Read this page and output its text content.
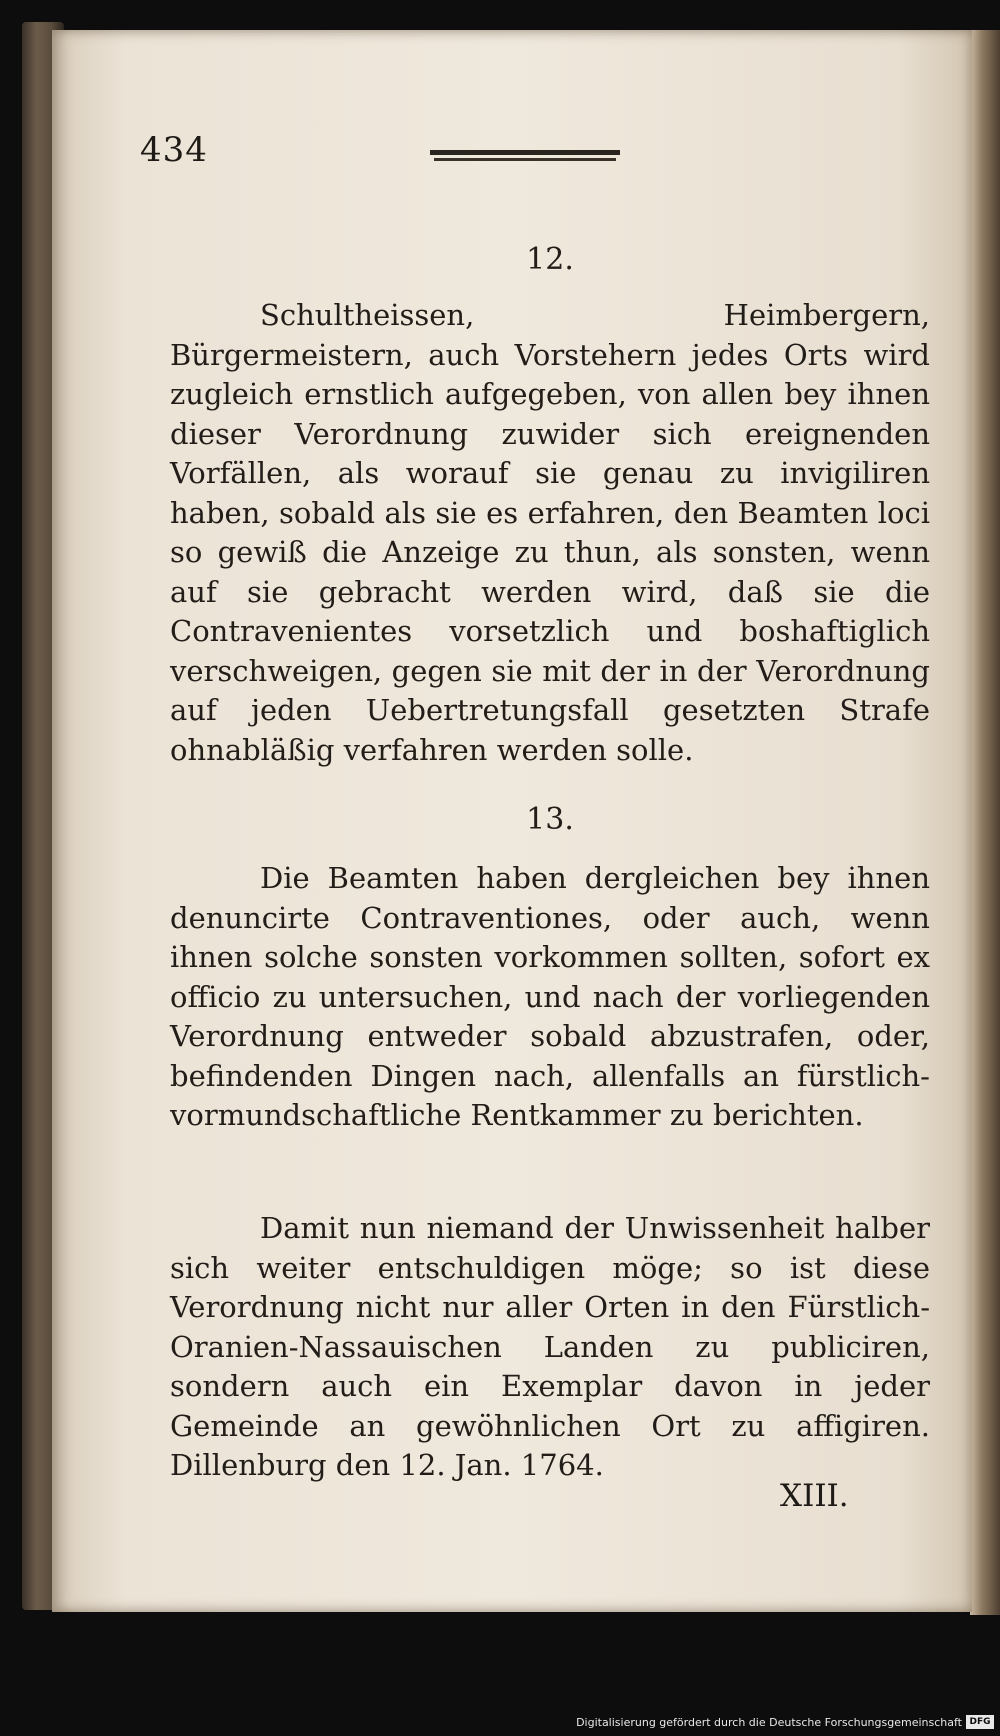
434
12.
Schultheissen, Heimbergern, Bürgermeistern, auch Vorstehern jedes Orts wird zugleich ernstlich aufgegeben, von allen bey ihnen dieser Verordnung zuwider sich ereignenden Vorfällen, als worauf sie genau zu invigiliren haben, sobald als sie es erfahren, den Beamten loci so gewiß die Anzeige zu thun, als sonsten, wenn auf sie gebracht werden wird, daß sie die Contravenientes vorsetzlich und boshaftiglich verschweigen, gegen sie mit der in der Verordnung auf jeden Uebertretungsfall gesetzten Strafe ohnabläßig verfahren werden solle.
13.
Die Beamten haben dergleichen bey ihnen denuncirte Contraventiones, oder auch, wenn ihnen solche sonsten vorkommen sollten, sofort ex officio zu untersuchen, und nach der vorliegenden Verordnung entweder sobald abzustrafen, oder, befindenden Dingen nach, allenfalls an fürstlich-vormundschaftliche Rentkammer zu berichten.
Damit nun niemand der Unwissenheit halber sich weiter entschuldigen möge; so ist diese Verordnung nicht nur aller Orten in den Fürstlich-Oranien-Nassauischen Landen zu publiciren, sondern auch ein Exemplar davon in jeder Gemeinde an gewöhnlichen Ort zu affigiren. Dillenburg den 12. Jan. 1764.
XIII.
Digitalisierung gefördert durch die Deutsche Forschungsgemeinschaft DFG
